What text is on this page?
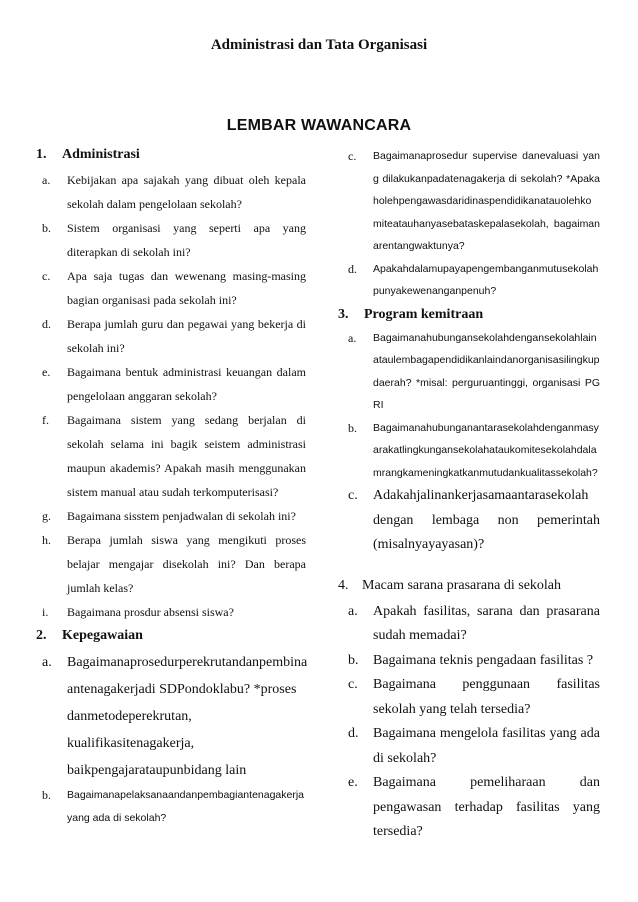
Administrasi dan Tata Organisasi
LEMBAR WAWANCARA
1.	Administrasi
a.	Kebijakan apa sajakah yang dibuat oleh kepala sekolah dalam pengelolaan sekolah?
b.	Sistem organisasi yang seperti apa yang diterapkan di sekolah ini?
c.	Apa saja tugas dan wewenang masing-masing bagian organisasi pada sekolah ini?
d.	Berapa jumlah guru dan pegawai yang bekerja di sekolah ini?
e.	Bagaimana bentuk administrasi keuangan dalam pengelolaan anggaran sekolah?
f.	Bagaimana sistem yang sedang berjalan di sekolah selama ini bagik seistem administrasi maupun akademis? Apakah masih menggunakan sistem manual atau sudah terkomputerisasi?
g.	Bagaimana sisstem penjadwalan di sekolah ini?
h.	Berapa jumlah siswa yang mengikuti proses belajar mengajar disekolah ini? Dan berapa jumlah kelas?
i.	Bagaimana prosdur absensi siswa?
2.	Kepegawaian
a.	Bagaimanaprosedurperekrutandanpembina antenagakerjadi SDPondoklabu? *proses danmetodeperekrutan, kualifikasitenagakerja, baikpengajarataupunbidang lain
b.	Bagaimanapelaksanaandanpembagiantenagakerja yang ada di sekolah?
c.	Bagaimanaprosedur supervise danevaluasi yang dilakukanpadatenagakerja di sekolah? *Apakaholehpengawasdaridinaspendidikanatauolehkomiteatauhanyasebataskepalasekolah, bagaimanarentangwaktunya?
d.	Apakahdalamupayapengembanganmutusekolahpunyakewenanganpenuh?
3.	Program kemitraan
a.	Bagaimanahubungansekolahdengansekolahlainataulembagapendidikanlaindanorganisasilingkupdaerah? *misal: perguruantinggi, organisasi PGRI
b.	Bagaimanahubunganantarasekolahdenganmasyarakatlingkungansekolahataukomitesekolahdalamrangkameningkatkanmutudankualitassekolah?
c.	Adakahjalinankerjasamaantarasekolah dengan lembaga non pemerintah (misalnyayayasan)?
4. Macam sarana prasarana di sekolah
a.	Apakah fasilitas, sarana dan prasarana sudah memadai?
b.	Bagaimana teknis pengadaan fasilitas ?
c.	Bagaimana penggunaan fasilitas sekolah yang telah tersedia?
d.	Bagaimana mengelola fasilitas yang ada di sekolah?
e.	Bagaimana pemeliharaan dan pengawasan terhadap fasilitas yang tersedia?
